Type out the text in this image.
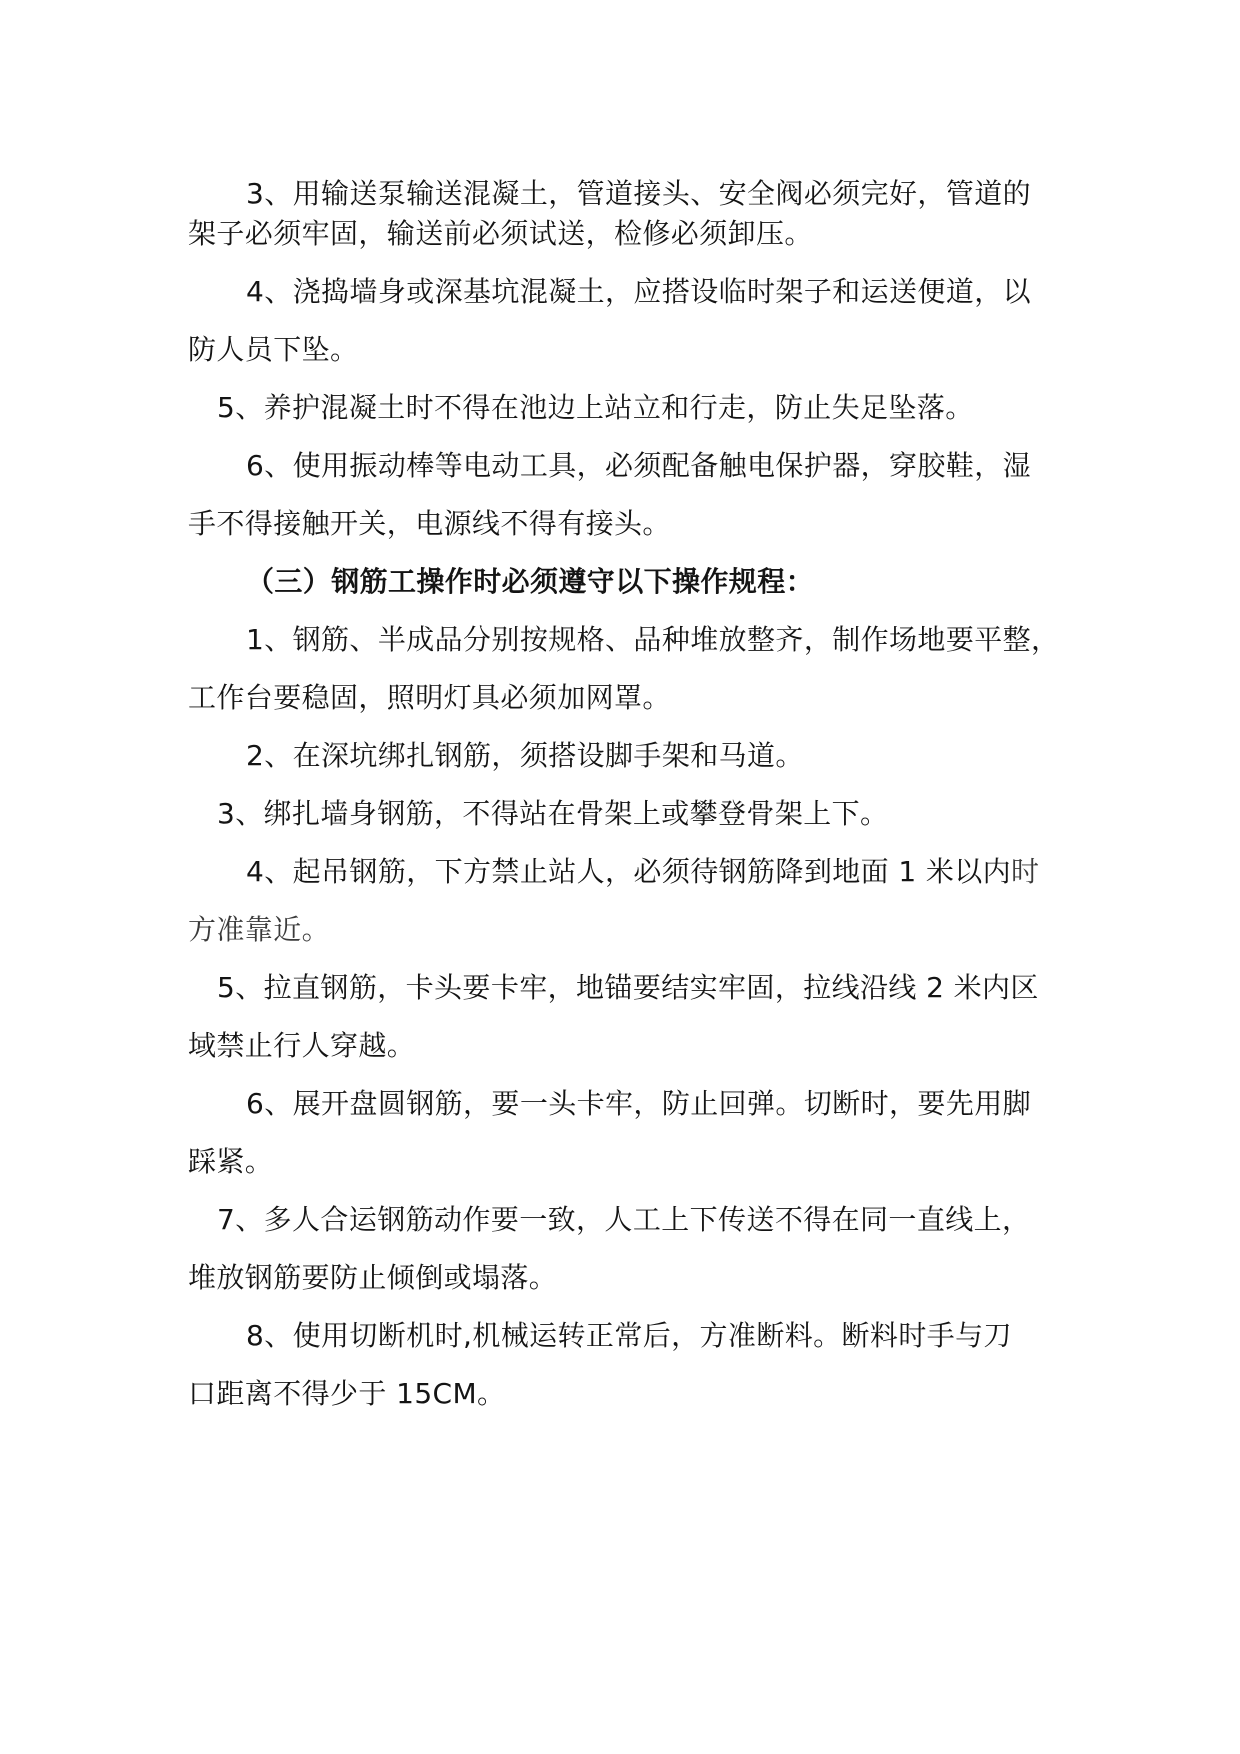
3、用输送泵输送混凝土，管道接头、安全阀必须完好，管道的
架子必须牢固，输送前必须试送，检修必须卸压。
4、浇捣墙身或深基坑混凝土，应搭设临时架子和运送便道，以
防人员下坠。
5、养护混凝土时不得在池边上站立和行走，防止失足坠落。
6、使用振动棒等电动工具，必须配备触电保护器，穿胶鞋，湿
手不得接触开关，电源线不得有接头。
（三）钢筋工操作时必须遵守以下操作规程：
1、钢筋、半成品分别按规格、品种堆放整齐，制作场地要平整，
工作台要稳固，照明灯具必须加网罩。
2、在深坑绑扎钢筋，须搭设脚手架和马道。
3、绑扎墙身钢筋，不得站在骨架上或攀登骨架上下。
4、起吊钢筋，下方禁止站人，必须待钢筋降到地面 1 米以内时
方准靠近。
5、拉直钢筋，卡头要卡牢，地锚要结实牢固，拉线沿线 2 米内区
域禁止行人穿越。
6、展开盘圆钢筋，要一头卡牢，防止回弹。切断时，要先用脚
踩紧。
7、多人合运钢筋动作要一致，人工上下传送不得在同一直线上，
堆放钢筋要防止倾倒或塌落。
8、使用切断机时,机械运转正常后，方准断料。断料时手与刀
口距离不得少于 15CM。
